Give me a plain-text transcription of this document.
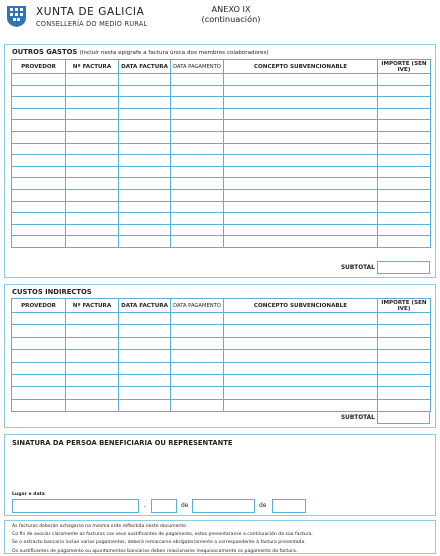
XUNTA DE GALICIA
CONSELLERÍA DO MEDIO RURAL
ANEXO IX
(continuación)
OUTROS GASTOS (Incluír nesta epígrafe a factura única dos membros colaboradores)
PROVEDOR	Nº FACTURA	DATA FACTURA	DATA PAGAMENTO	CONCEPTO SUBVENCIONABLE	IMPORTE (SEN IVE)

SUBTOTAL
CUSTOS INDIRECTOS
PROVEDOR	Nº FACTURA	DATA FACTURA	DATA PAGAMENTO	CONCEPTO SUBVENCIONABLE	IMPORTE (SEN IVE)

SUBTOTAL
SINATURA DA PERSOA BENEFICIARIA OU REPRESENTANTE
Lugar e data
,	de	de
As facturas deberán achegarse na mesma orde reflectida neste documento
Co fin de asociar claramente as facturas cos seus xustificantes de pagamento, estes presentaranse a continuación da súa factura.
Se o extracto bancario inclúe varios pagamentos, deberá remarcarse obrigatoriamente o correspondente á factura presentada.
Os xustificantes de pagamento ou apuntamentos bancarios deben relacionarse inequívocamente co pagamento da factura.
